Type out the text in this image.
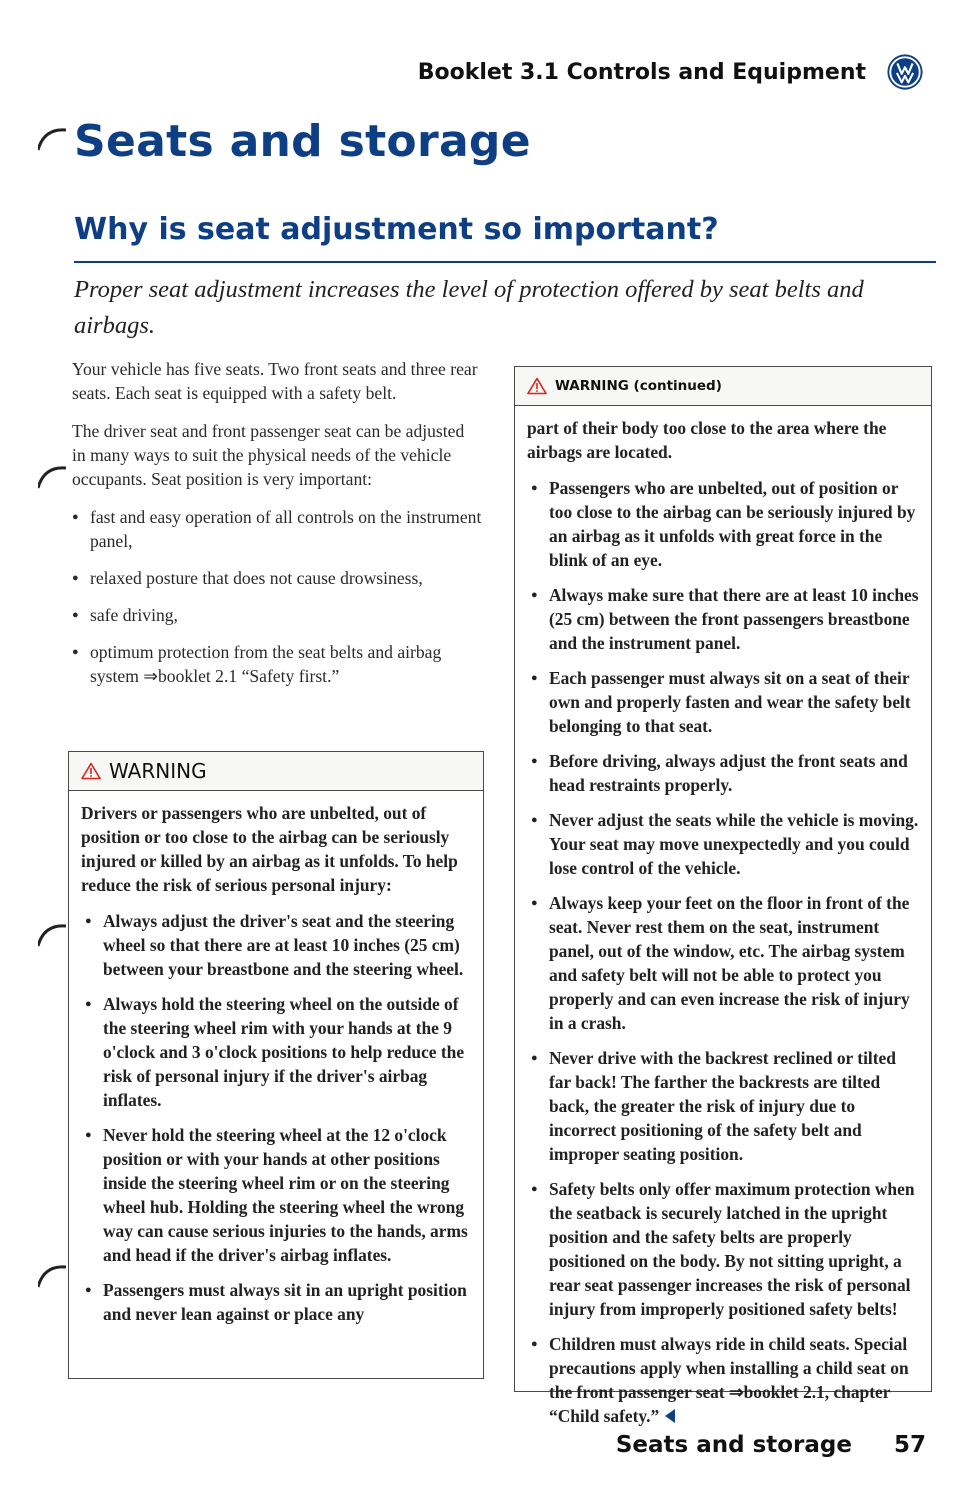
Booklet 3.1 Controls and Equipment
Seats and storage
Why is seat adjustment so important?

Proper seat adjustment increases the level of protection offered by seat belts and airbags.

Your vehicle has five seats. Two front seats and three rear seats. Each seat is equipped with a safety belt.

The driver seat and front passenger seat can be adjusted in many ways to suit the physical needs of the vehicle occupants. Seat position is very important:

● fast and easy operation of all controls on the instrument panel,
● relaxed posture that does not cause drowsiness,
● safe driving,
● optimum protection from the seat belts and airbag system ⇒booklet 2.1 “Safety first.”
WARNING

Drivers or passengers who are unbelted, out of position or too close to the airbag can be seriously injured or killed by an airbag as it unfolds. To help reduce the risk of serious personal injury:

● Always adjust the driver's seat and the steering wheel so that there are at least 10 inches (25 cm) between your breastbone and the steering wheel.
● Always hold the steering wheel on the outside of the steering wheel rim with your hands at the 9 o'clock and 3 o'clock positions to help reduce the risk of personal injury if the driver's airbag inflates.
● Never hold the steering wheel at the 12 o'clock position or with your hands at other positions inside the steering wheel rim or on the steering wheel hub. Holding the steering wheel the wrong way can cause serious injuries to the hands, arms and head if the driver's airbag inflates.
● Passengers must always sit in an upright position and never lean against or place any
WARNING (continued)

part of their body too close to the area where the airbags are located.

● Passengers who are unbelted, out of position or too close to the airbag can be seriously injured by an airbag as it unfolds with great force in the blink of an eye.
● Always make sure that there are at least 10 inches (25 cm) between the front passengers breastbone and the instrument panel.
● Each passenger must always sit on a seat of their own and properly fasten and wear the safety belt belonging to that seat.
● Before driving, always adjust the front seats and head restraints properly.
● Never adjust the seats while the vehicle is moving. Your seat may move unexpectedly and you could lose control of the vehicle.
● Always keep your feet on the floor in front of the seat. Never rest them on the seat, instrument panel, out of the window, etc. The airbag system and safety belt will not be able to protect you properly and can even increase the risk of injury in a crash.
● Never drive with the backrest reclined or tilted far back! The farther the backrests are tilted back, the greater the risk of injury due to incorrect positioning of the safety belt and improper seating position.
● Safety belts only offer maximum protection when the seatback is securely latched in the upright position and the safety belts are properly positioned on the body. By not sitting upright, a rear seat passenger increases the risk of personal injury from improperly positioned safety belts!
● Children must always ride in child seats. Special precautions apply when installing a child seat on the front passenger seat ⇒booklet 2.1, chapter “Child safety.”
Seats and storage 57
